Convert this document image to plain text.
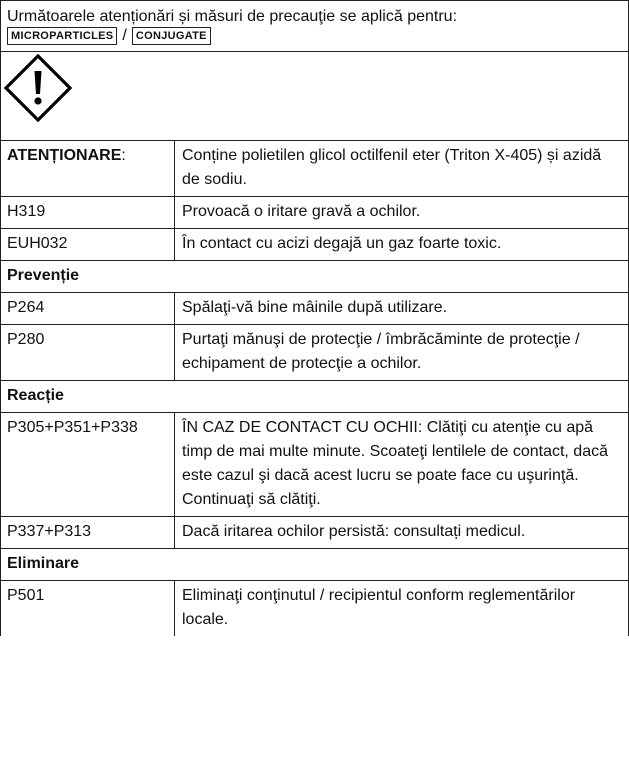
Următoarele atenționări și măsuri de precauţie se aplică pentru:
MICROPARTICLES / CONJUGATE
ATENȚIONARE:	Conține polietilen glicol octilfenil eter (Triton X-405) și azidă de sodiu.
H319	Provoacă o iritare gravă a ochilor.
EUH032	În contact cu acizi degajă un gaz foarte toxic.
Prevenție
P264	Spălaţi-vă bine mâinile după utilizare.
P280	Purtaţi mănuşi de protecţie / îmbrăcăminte de protecţie / echipament de protecţie a ochilor.
Reacție
P305+P351+P338	ÎN CAZ DE CONTACT CU OCHII: Clătiţi cu atenţie cu apă timp de mai multe minute. Scoateţi lentilele de contact, dacă este cazul şi dacă acest lucru se poate face cu uşurinţă. Continuaţi să clătiţi.
P337+P313	Dacă iritarea ochilor persistă: consultați medicul.
Eliminare
P501	Eliminaţi conţinutul / recipientul conform reglementărilor locale.
